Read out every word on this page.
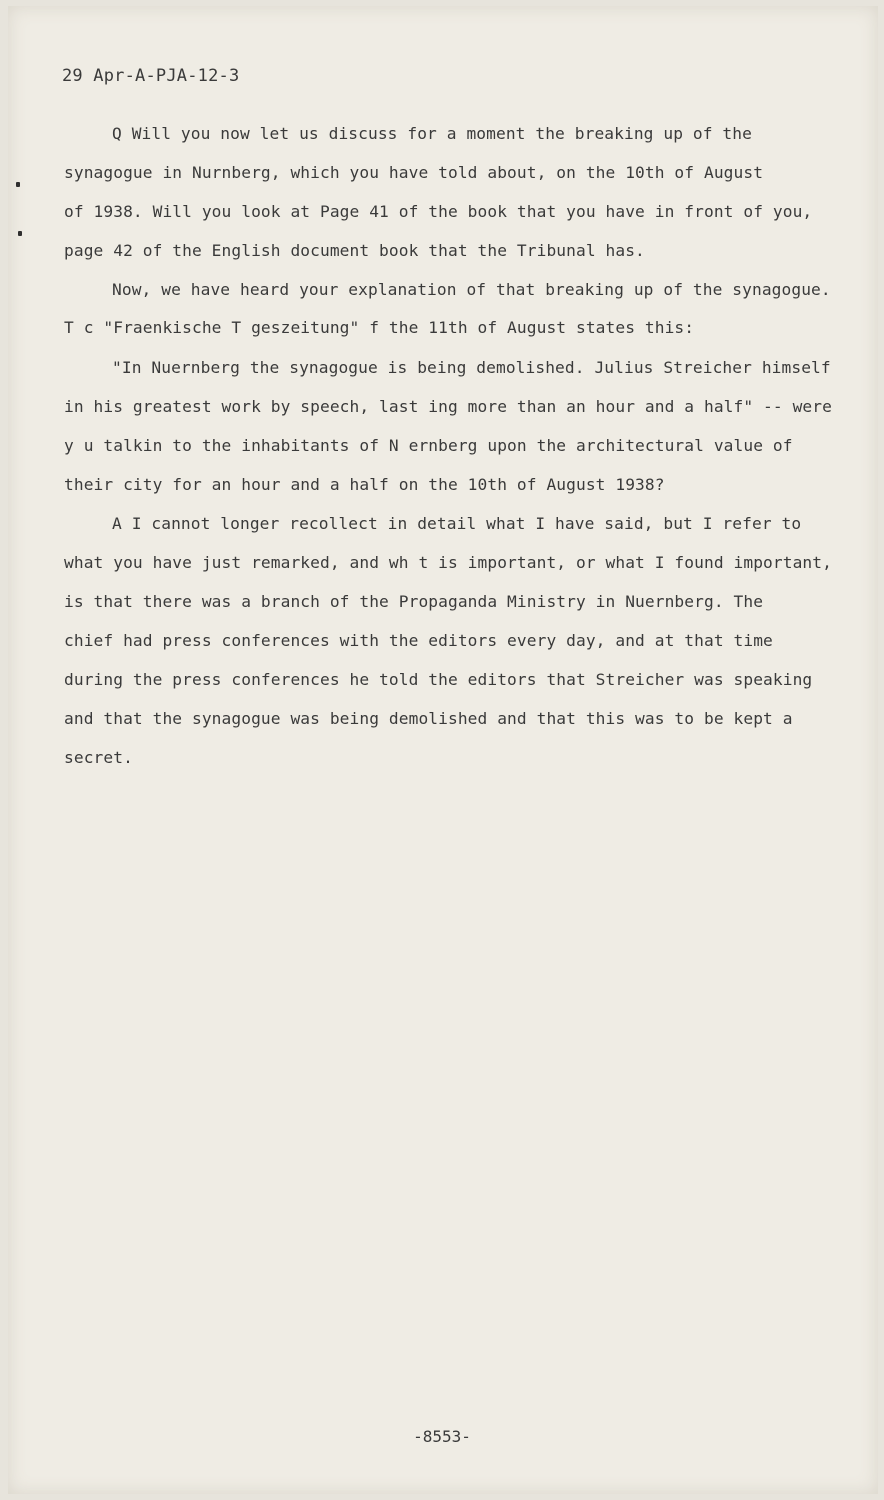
29 Apr-A-PJA-12-3
Q Will you now let us discuss for a moment the breaking up of the
synagogue in Nurnberg, which you have told about, on the 10th of August
of 1938. Will you look at Page 41 of the book that you have in front of you,
page 42 of the English document book that the Tribunal has.
Now, we have heard your explanation of that breaking up of the synagogue.
T c "Fraenkische T geszeitung" f the 11th of August states this:
"In Nuernberg the synagogue is being demolished. Julius Streicher himself
in his greatest work by speech, last ing more than an hour and a half" -- were
y u talkin to the inhabitants of N ernberg upon the architectural value of
their city for an hour and a half on the 10th of August 1938?
A I cannot longer recollect in detail what I have said, but I refer to
what you have just remarked, and wh t is important, or what I found important,
is that there was a branch of the Propaganda Ministry in Nuernberg. The
chief had press conferences with the editors every day, and at that time
during the press conferences he told the editors that Streicher was speaking
and that the synagogue was being demolished and that this was to be kept a
secret.
-8553-
